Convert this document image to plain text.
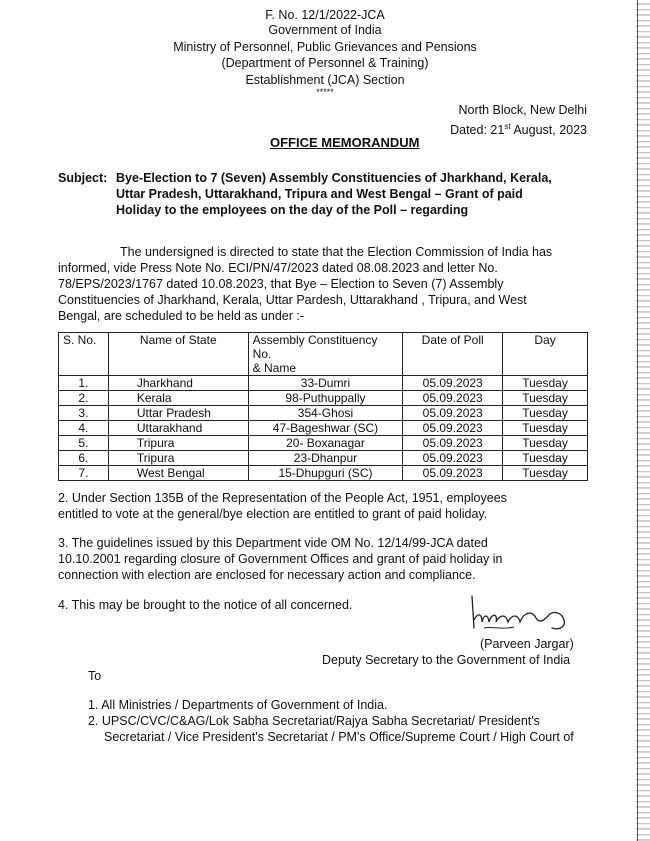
F. No. 12/1/2022-JCA
Government of India
Ministry of Personnel, Public Grievances and Pensions
(Department of Personnel & Training)
Establishment (JCA) Section
*****
North Block, New Delhi
Dated: 21st August, 2023
OFFICE MEMORANDUM
Subject: Bye-Election to 7 (Seven) Assembly Constituencies of Jharkhand, Kerala,
Uttar Pradesh, Uttarakhand, Tripura and West Bengal – Grant of paid
Holiday to the employees on the day of the Poll – regarding
The undersigned is directed to state that the Election Commission of India has
informed, vide Press Note No. ECI/PN/47/2023 dated 08.08.2023 and letter No.
78/EPS/2023/1767 dated 10.08.2023, that Bye – Election to Seven (7) Assembly
Constituencies of Jharkhand, Kerala, Uttar Pardesh, Uttarakhand , Tripura, and West
Bengal, are scheduled to be held as under :-
S. No.	Name of State	Assembly Constituency No.
& Name	Date of Poll	Day
1.	Jharkhand	33-Dumri	05.09.2023	Tuesday
2.	Kerala	98-Puthuppally	05.09.2023	Tuesday
3.	Uttar Pradesh	354-Ghosi	05.09.2023	Tuesday
4.	Uttarakhand	47-Bageshwar (SC)	05.09.2023	Tuesday
5.	Tripura	20- Boxanagar	05.09.2023	Tuesday
6.	Tripura	23-Dhanpur	05.09.2023	Tuesday
7.	West Bengal	15-Dhupguri (SC)	05.09.2023	Tuesday
2. Under Section 135B of the Representation of the People Act, 1951, employees
entitled to vote at the general/bye election are entitled to grant of paid holiday.
3. The guidelines issued by this Department vide OM No. 12/14/99-JCA dated
10.10.2001 regarding closure of Government Offices and grant of paid holiday in
connection with election are enclosed for necessary action and compliance.
4. This may be brought to the notice of all concerned.
(Parveen Jargar)
Deputy Secretary to the Government of India
To
1. All Ministries / Departments of Government of India.
2. UPSC/CVC/C&AG/Lok Sabha Secretariat/Rajya Sabha Secretariat/ President's
Secretariat / Vice President's Secretariat / PM's Office/Supreme Court / High Court of
